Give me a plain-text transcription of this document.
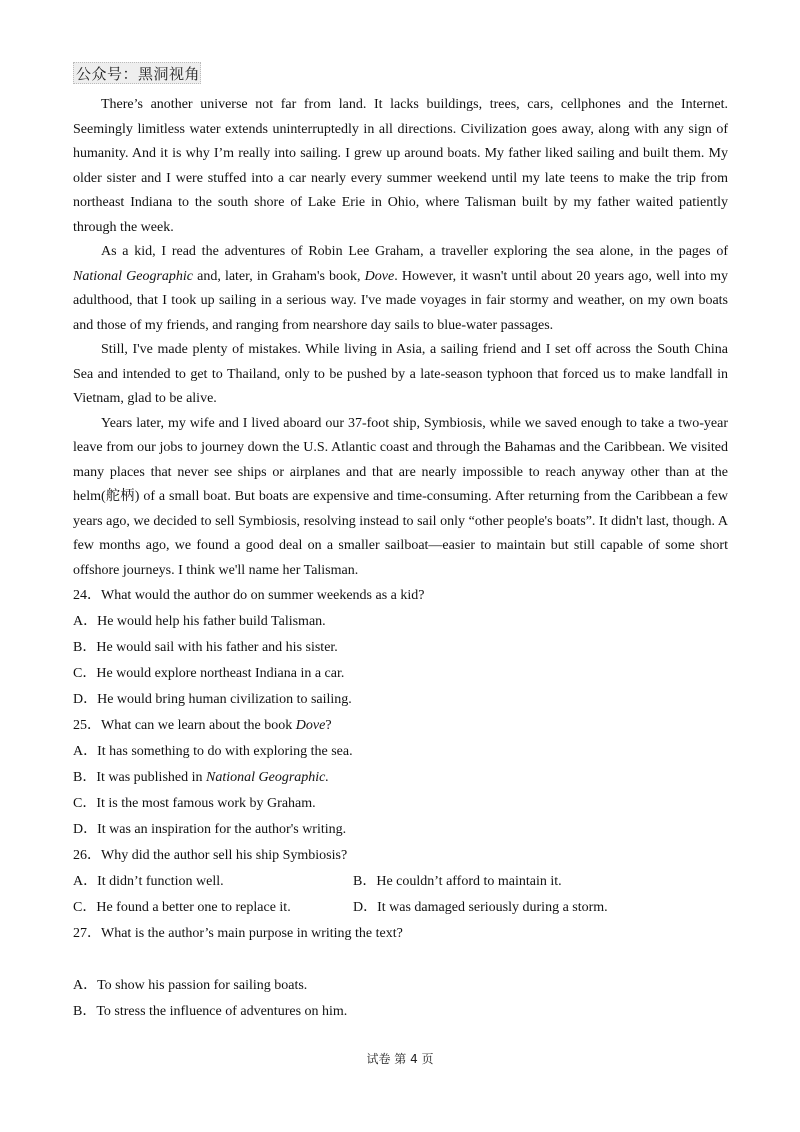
公众号：黑洞视角

There’s another universe not far from land. It lacks buildings, trees, cars, cellphones and the Internet. Seemingly limitless water extends uninterruptedly in all directions. Civilization goes away, along with any sign of humanity. And it is why I’m really into sailing. I grew up around boats. My father liked sailing and built them. My older sister and I were stuffed into a car nearly every summer weekend until my late teens to make the trip from northeast Indiana to the south shore of Lake Erie in Ohio, where Talisman built by my father waited patiently through the week.

As a kid, I read the adventures of Robin Lee Graham, a traveller exploring the sea alone, in the pages of National Geographic and, later, in Graham's book, Dove. However, it wasn't until about 20 years ago, well into my adulthood, that I took up sailing in a serious way. I've made voyages in fair stormy and weather, on my own boats and those of my friends, and ranging from nearshore day sails to blue-water passages.

Still, I've made plenty of mistakes. While living in Asia, a sailing friend and I set off across the South China Sea and intended to get to Thailand, only to be pushed by a late-season typhoon that forced us to make landfall in Vietnam, glad to be alive.

Years later, my wife and I lived aboard our 37-foot ship, Symbiosis, while we saved enough to take a two-year leave from our jobs to journey down the U.S. Atlantic coast and through the Bahamas and the Caribbean. We visited many places that never see ships or airplanes and that are nearly impossible to reach anyway other than at the helm(舵柄) of a small boat. But boats are expensive and time-consuming. After returning from the Caribbean a few years ago, we decided to sell Symbiosis, resolving instead to sail only “other people's boats”. It didn't last, though. A few months ago, we found a good deal on a smaller sailboat—easier to maintain but still capable of some short offshore journeys. I think we'll name her Talisman.

24．What would the author do on summer weekends as a kid?
A．He would help his father build Talisman.
B．He would sail with his father and his sister.
C．He would explore northeast Indiana in a car.
D．He would bring human civilization to sailing.
25．What can we learn about the book Dove?
A．It has something to do with exploring the sea.
B．It was published in National Geographic.
C．It is the most famous work by Graham.
D．It was an inspiration for the author's writing.
26．Why did the author sell his ship Symbiosis?
A．It didn’t function well.	B．He couldn’t afford to maintain it.
C．He found a better one to replace it.	D．It was damaged seriously during a storm.
27．What is the author’s main purpose in writing the text?
A．To show his passion for sailing boats.
B．To stress the influence of adventures on him.
试卷 第 4 页
